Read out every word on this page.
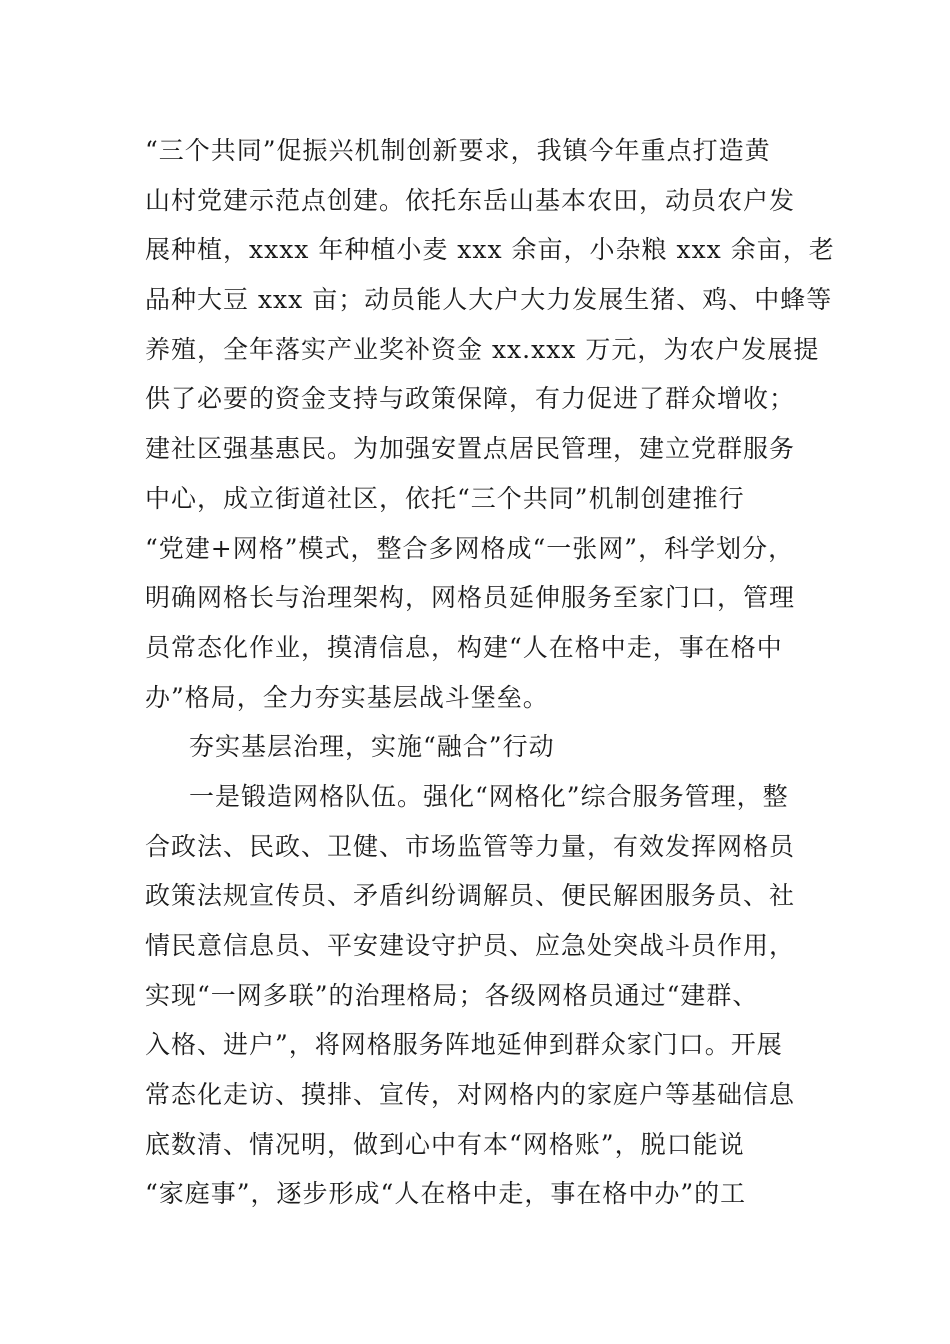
“三个共同”促振兴机制创新要求，我镇今年重点打造黄
山村党建示范点创建。依托东岳山基本农田，动员农户发
展种植，xxxx 年种植小麦 xxx 余亩，小杂粮 xxx 余亩，老
品种大豆 xxx 亩；动员能人大户大力发展生猪、鸡、中蜂等
养殖，全年落实产业奖补资金 xx.xxx 万元，为农户发展提
供了必要的资金支持与政策保障，有力促进了群众增收；
建社区强基惠民。为加强安置点居民管理，建立党群服务
中心，成立街道社区，依托“三个共同”机制创建推行
“党建+网格”模式，整合多网格成“一张网”，科学划分，
明确网格长与治理架构，网格员延伸服务至家门口，管理
员常态化作业，摸清信息，构建“人在格中走，事在格中
办”格局，全力夯实基层战斗堡垒。
夯实基层治理，实施“融合”行动
一是锻造网格队伍。强化“网格化”综合服务管理，整
合政法、民政、卫健、市场监管等力量，有效发挥网格员
政策法规宣传员、矛盾纠纷调解员、便民解困服务员、社
情民意信息员、平安建设守护员、应急处突战斗员作用，
实现“一网多联”的治理格局；各级网格员通过“建群、
入格、进户”，将网格服务阵地延伸到群众家门口。开展
常态化走访、摸排、宣传，对网格内的家庭户等基础信息
底数清、情况明，做到心中有本“网格账”，脱口能说
“家庭事”，逐步形成“人在格中走，事在格中办”的工
